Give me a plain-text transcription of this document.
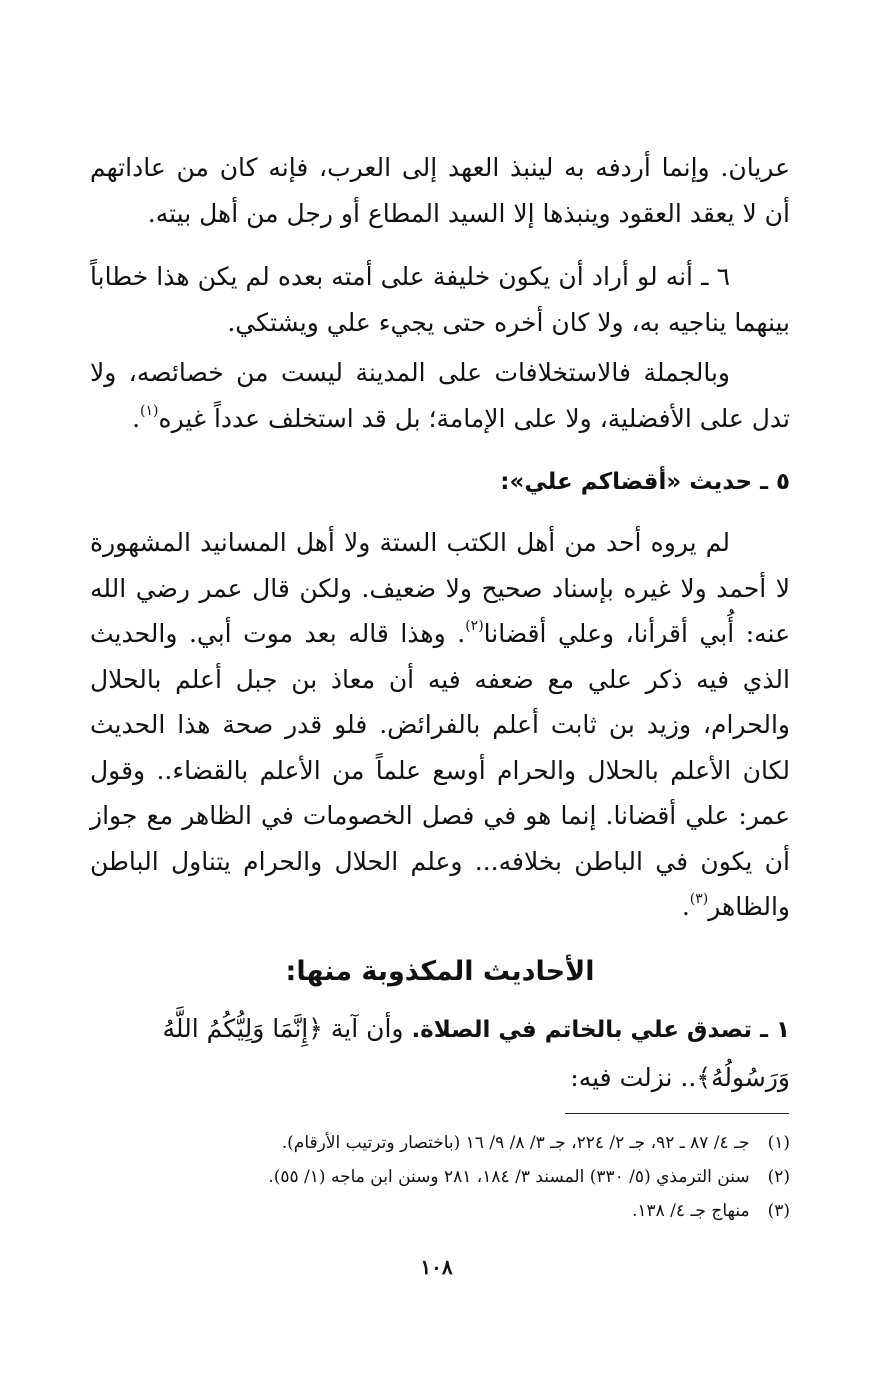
عريان. وإنما أردفه به لينبذ العهد إلى العرب، فإنه كان من عاداتهم أن لا يعقد العقود وينبذها إلا السيد المطاع أو رجل من أهل بيته.

٦ ـ أنه لو أراد أن يكون خليفة على أمته بعده لم يكن هذا خطاباً بينهما يناجيه به، ولا كان أخره حتى يجيء علي ويشتكي.

وبالجملة فالاستخلافات على المدينة ليست من خصائصه، ولا تدل على الأفضلية، ولا على الإمامة؛ بل قد استخلف عدداً غيره$^{(١)}$.

٥ ـ حديث «أقضاكم علي»:

لم يروه أحد من أهل الكتب الستة ولا أهل المسانيد المشهورة لا أحمد ولا غيره بإسناد صحيح ولا ضعيف. ولكن قال عمر رضي الله عنه: أُبي أقرأنا، وعلي أقضانا$^{(٢)}$. وهذا قاله بعد موت أبي. والحديث الذي فيه ذكر علي مع ضعفه فيه أن معاذ بن جبل أعلم بالحلال والحرام، وزيد بن ثابت أعلم بالفرائض. فلو قدر صحة هذا الحديث لكان الأعلم بالحلال والحرام أوسع علماً من الأعلم بالقضاء.. وقول عمر: علي أقضانا. إنما هو في فصل الخصومات في الظاهر مع جواز أن يكون في الباطن بخلافه... وعلم الحلال والحرام يتناول الباطن والظاهر$^{(٣)}$.

الأحاديث المكذوبة منها:

١ ـ تصدق علي بالخاتم في الصلاة. وأن آية ﴿إِنَّمَا وَلِيُّكُمُ اللَّهُ وَرَسُولُهُ﴾.. نزلت فيه:

(١)جـ ٤/ ٨٧ ـ ٩٢، جـ ٢/ ٢٢٤، جـ ٣/ ٨/ ٩/ ١٦ (باختصار وترتيب الأرقام).
(٢)سنن الترمذي (٥/ ٣٣٠) المسند ٣/ ١٨٤، ٢٨١ وسنن ابن ماجه (١/ ٥٥).
(٣)منهاج جـ ٤/ ١٣٨.
١٠٨
